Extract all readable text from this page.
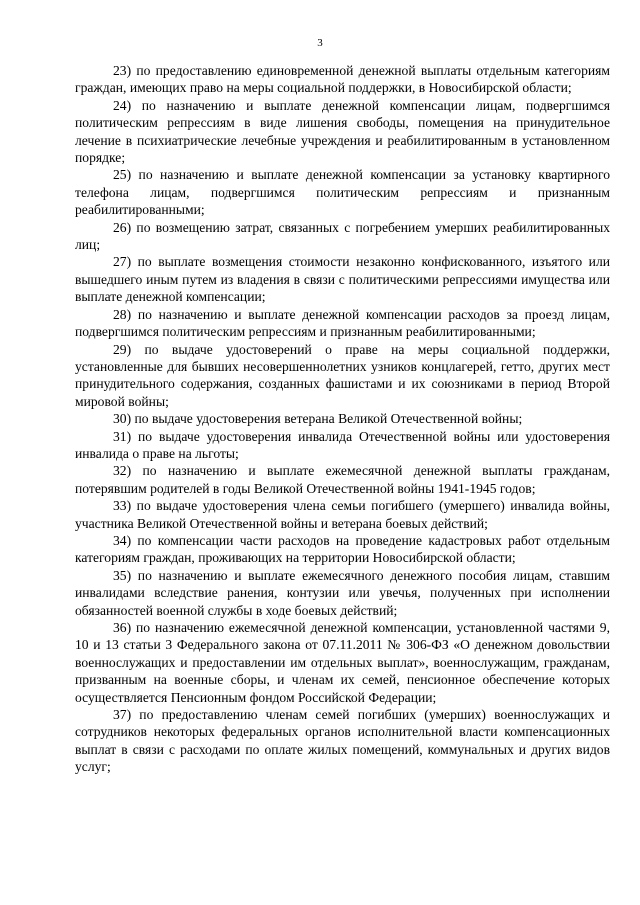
3

23) по предоставлению единовременной денежной выплаты отдельным категориям граждан, имеющих право на меры социальной поддержки, в Новосибирской области;

24) по назначению и выплате денежной компенсации лицам, подвергшимся политическим репрессиям в виде лишения свободы, помещения на принудительное лечение в психиатрические лечебные учреждения и реабилитированным в установленном порядке;

25) по назначению и выплате денежной компенсации за установку квартирного телефона лицам, подвергшимся политическим репрессиям и признанным реабилитированными;

26) по возмещению затрат, связанных с погребением умерших реабилитированных лиц;

27) по выплате возмещения стоимости незаконно конфискованного, изъятого или вышедшего иным путем из владения в связи с политическими репрессиями имущества или выплате денежной компенсации;

28) по назначению и выплате денежной компенсации расходов за проезд лицам, подвергшимся политическим репрессиям и признанным реабилитированными;

29) по выдаче удостоверений о праве на меры социальной поддержки, установленные для бывших несовершеннолетних узников концлагерей, гетто, других мест принудительного содержания, созданных фашистами и их союзниками в период Второй мировой войны;

30) по выдаче удостоверения ветерана Великой Отечественной войны;

31) по выдаче удостоверения инвалида Отечественной войны или удостоверения инвалида о праве на льготы;

32) по назначению и выплате ежемесячной денежной выплаты гражданам, потерявшим родителей в годы Великой Отечественной войны 1941-1945 годов;

33) по выдаче удостоверения члена семьи погибшего (умершего) инвалида войны, участника Великой Отечественной войны и ветерана боевых действий;

34) по компенсации части расходов на проведение кадастровых работ отдельным категориям граждан, проживающих на территории Новосибирской области;

35) по назначению и выплате ежемесячного денежного пособия лицам, ставшим инвалидами вследствие ранения, контузии или увечья, полученных при исполнении обязанностей военной службы в ходе боевых действий;

36) по назначению ежемесячной денежной компенсации, установленной частями 9, 10 и 13 статьи 3 Федерального закона от 07.11.2011 № 306-ФЗ «О денежном довольствии военнослужащих и предоставлении им отдельных выплат», военнослужащим, гражданам, призванным на военные сборы, и членам их семей, пенсионное обеспечение которых осуществляется Пенсионным фондом Российской Федерации;

37) по предоставлению членам семей погибших (умерших) военнослужащих и сотрудников некоторых федеральных органов исполнительной власти компенсационных выплат в связи с расходами по оплате жилых помещений, коммунальных и других видов услуг;
